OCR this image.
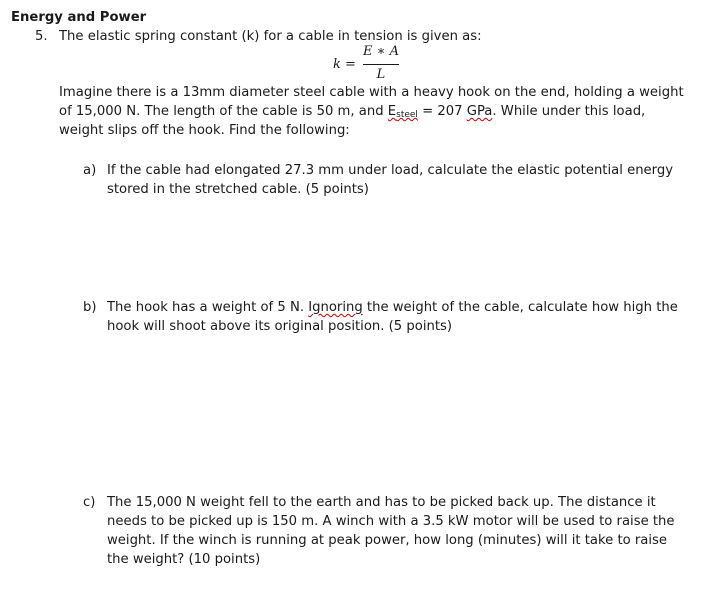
Energy and Power
5. The elastic spring constant (k) for a cable in tension is given as:
k =
E ∗ A
L
Imagine there is a 13mm diameter steel cable with a heavy hook on the end, holding a weight
of 15,000 N. The length of the cable is 50 m, and $E_{steel} = 207$ GPa. While under this load,
weight slips off the hook. Find the following:
a) If the cable had elongated 27.3 mm under load, calculate the elastic potential energy
stored in the stretched cable. (5 points)
b) The hook has a weight of 5 N. Ignoring the weight of the cable, calculate how high the
hook will shoot above its original position. (5 points)
c) The 15,000 N weight fell to the earth and has to be picked back up. The distance it
needs to be picked up is 150 m. A winch with a 3.5 kW motor will be used to raise the
weight. If the winch is running at peak power, how long (minutes) will it take to raise
the weight? (10 points)
